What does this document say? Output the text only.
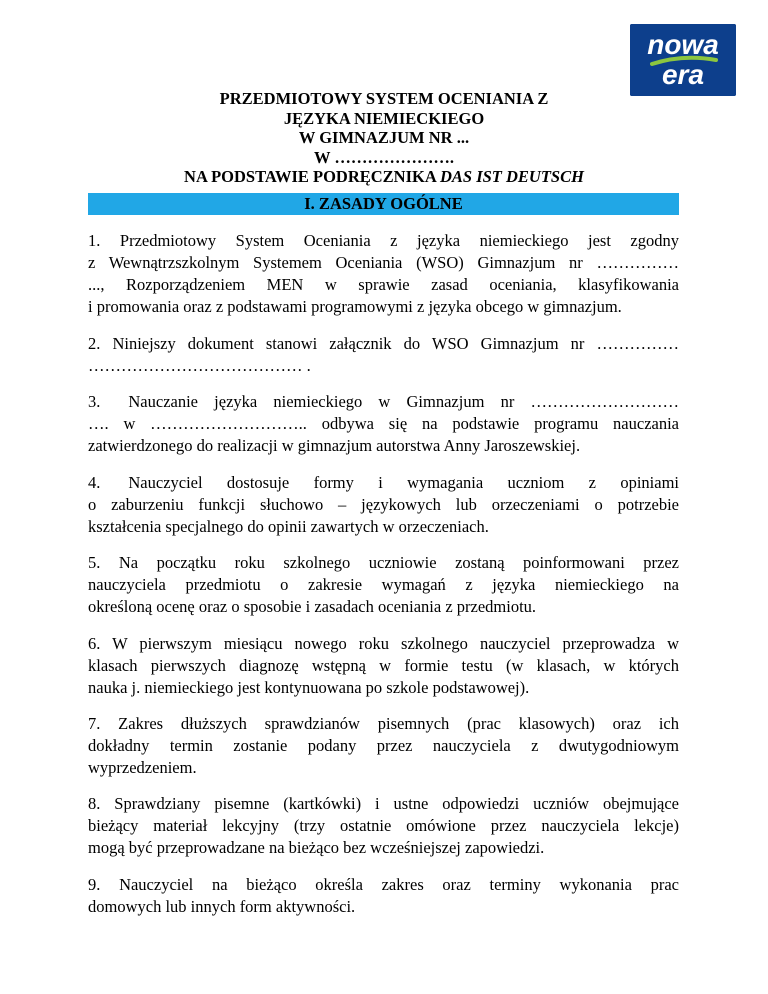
nowa
era
PRZEDMIOTOWY SYSTEM OCENIANIA Z
JĘZYKA NIEMIECKIEGO
W GIMNAZJUM NR ...
W ………………….
NA PODSTAWIE PODRĘCZNIKA DAS IST DEUTSCH
I. ZASADY OGÓLNE
1. Przedmiotowy System Oceniania z języka niemieckiego jest zgodny
z Wewnątrzszkolnym Systemem Oceniania (WSO) Gimnazjum nr ……………
..., Rozporządzeniem MEN w sprawie zasad oceniania, klasyfikowania
i promowania oraz z podstawami programowymi z języka obcego w gimnazjum.
2. Niniejszy dokument stanowi załącznik do WSO Gimnazjum nr ……………
………………………………… .
3. Nauczanie języka niemieckiego w Gimnazjum nr ………………………
…. w ……………………….. odbywa się na podstawie programu nauczania
zatwierdzonego do realizacji w gimnazjum autorstwa Anny Jaroszewskiej.
4. Nauczyciel dostosuje formy i wymagania uczniom z opiniami
o zaburzeniu funkcji słuchowo – językowych lub orzeczeniami o potrzebie
kształcenia specjalnego do opinii zawartych w orzeczeniach.
5. Na początku roku szkolnego uczniowie zostaną poinformowani przez
nauczyciela przedmiotu o zakresie wymagań z języka niemieckiego na
określoną ocenę oraz o sposobie i zasadach oceniania z przedmiotu.
6. W pierwszym miesiącu nowego roku szkolnego nauczyciel przeprowadza w
klasach pierwszych diagnozę wstępną w formie testu (w klasach, w których
nauka j. niemieckiego jest kontynuowana po szkole podstawowej).
7. Zakres dłuższych sprawdzianów pisemnych (prac klasowych) oraz ich
dokładny termin zostanie podany przez nauczyciela z dwutygodniowym
wyprzedzeniem.
8. Sprawdziany pisemne (kartkówki) i ustne odpowiedzi uczniów obejmujące
bieżący materiał lekcyjny (trzy ostatnie omówione przez nauczyciela lekcje)
mogą być przeprowadzane na bieżąco bez wcześniejszej zapowiedzi.
9. Nauczyciel na bieżąco określa zakres oraz terminy wykonania prac
domowych lub innych form aktywności.
